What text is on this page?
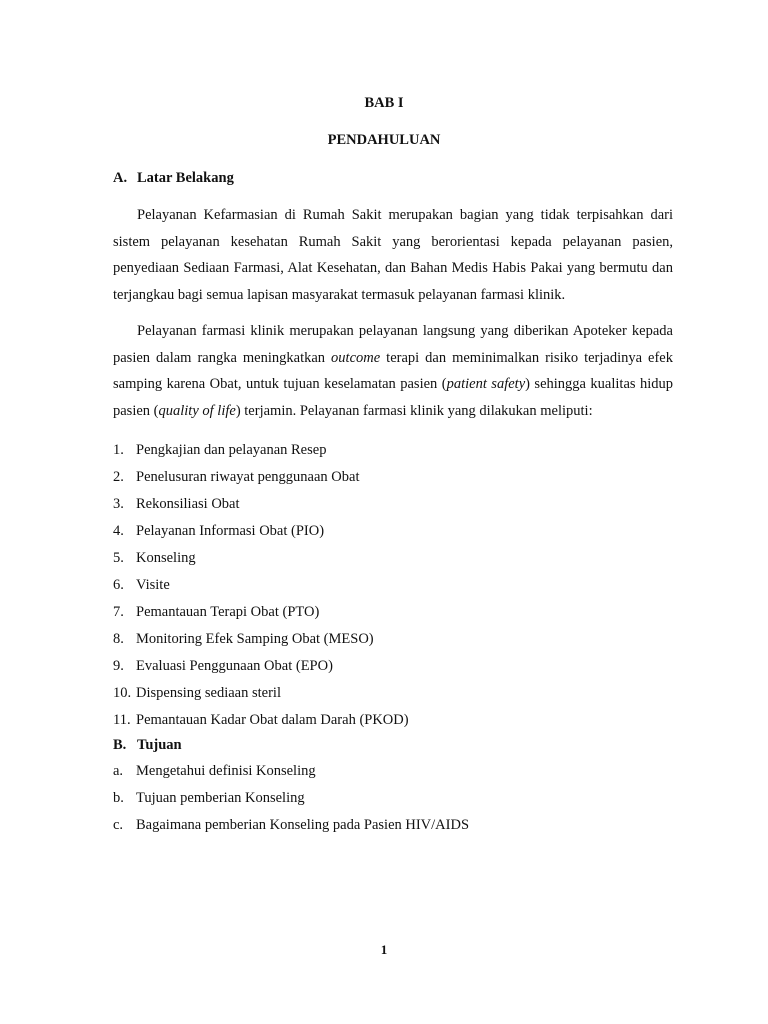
BAB I
PENDAHULUAN
A. Latar Belakang

Pelayanan Kefarmasian di Rumah Sakit merupakan bagian yang tidak terpisahkan dari sistem pelayanan kesehatan Rumah Sakit yang berorientasi kepada pelayanan pasien, penyediaan Sediaan Farmasi, Alat Kesehatan, dan Bahan Medis Habis Pakai yang bermutu dan terjangkau bagi semua lapisan masyarakat termasuk pelayanan farmasi klinik.

Pelayanan farmasi klinik merupakan pelayanan langsung yang diberikan Apoteker kepada pasien dalam rangka meningkatkan outcome terapi dan meminimalkan risiko terjadinya efek samping karena Obat, untuk tujuan keselamatan pasien (patient safety) sehingga kualitas hidup pasien (quality of life) terjamin. Pelayanan farmasi klinik yang dilakukan meliputi:

1. Pengkajian dan pelayanan Resep
2. Penelusuran riwayat penggunaan Obat
3. Rekonsiliasi Obat
4. Pelayanan Informasi Obat (PIO)
5. Konseling
6. Visite
7. Pemantauan Terapi Obat (PTO)
8. Monitoring Efek Samping Obat (MESO)
9. Evaluasi Penggunaan Obat (EPO)
10. Dispensing sediaan steril
11. Pemantauan Kadar Obat dalam Darah (PKOD)
B. Tujuan
a. Mengetahui definisi Konseling
b. Tujuan pemberian Konseling
c. Bagaimana pemberian Konseling pada Pasien HIV/AIDS
1
